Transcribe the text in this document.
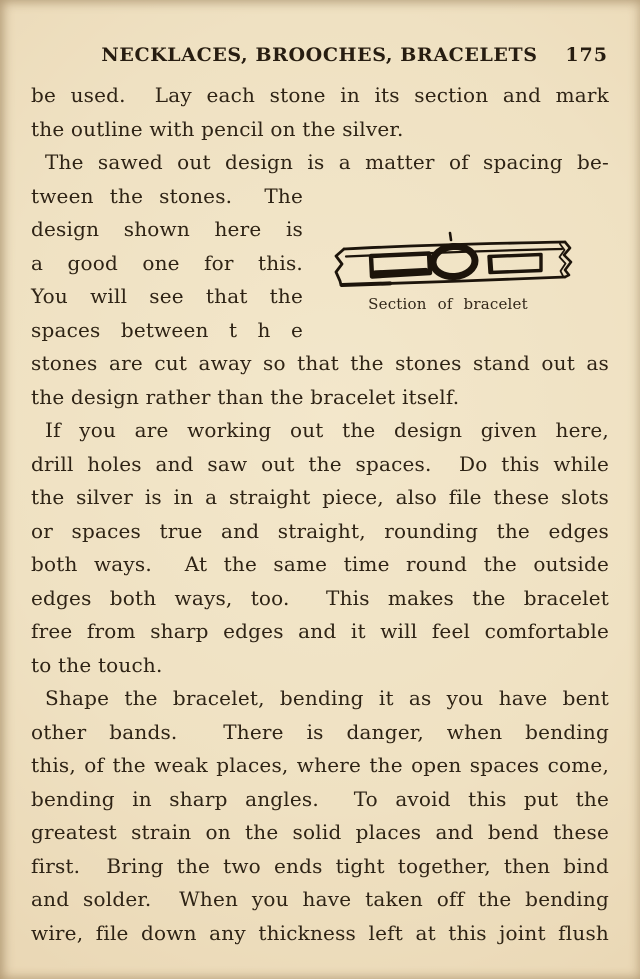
NECKLACES, BROOCHES, BRACELETS	175
be used.  Lay each stone in its section and mark
the outline with pencil on the silver.
The sawed out design is a matter of spacing be-
tween the stones.  The
design shown here is
a good one for this.
You will see that the
spaces between t h e
stones are cut away so that the stones stand out as
the design rather than the bracelet itself.
If you are working out the design given here,
drill holes and saw out the spaces.  Do this while
the silver is in a straight piece, also file these slots
or spaces true and straight, rounding the edges
both ways.  At the same time round the outside
edges both ways, too.  This makes the bracelet
free from sharp edges and it will feel comfortable
to the touch.
Shape the bracelet, bending it as you have bent
other bands.  There is danger, when bending
this, of the weak places, where the open spaces come,
bending in sharp angles.  To avoid this put the
greatest strain on the solid places and bend these
first.  Bring the two ends tight together, then bind
and solder.  When you have taken off the bending
wire, file down any thickness left at this joint flush
Section of bracelet
